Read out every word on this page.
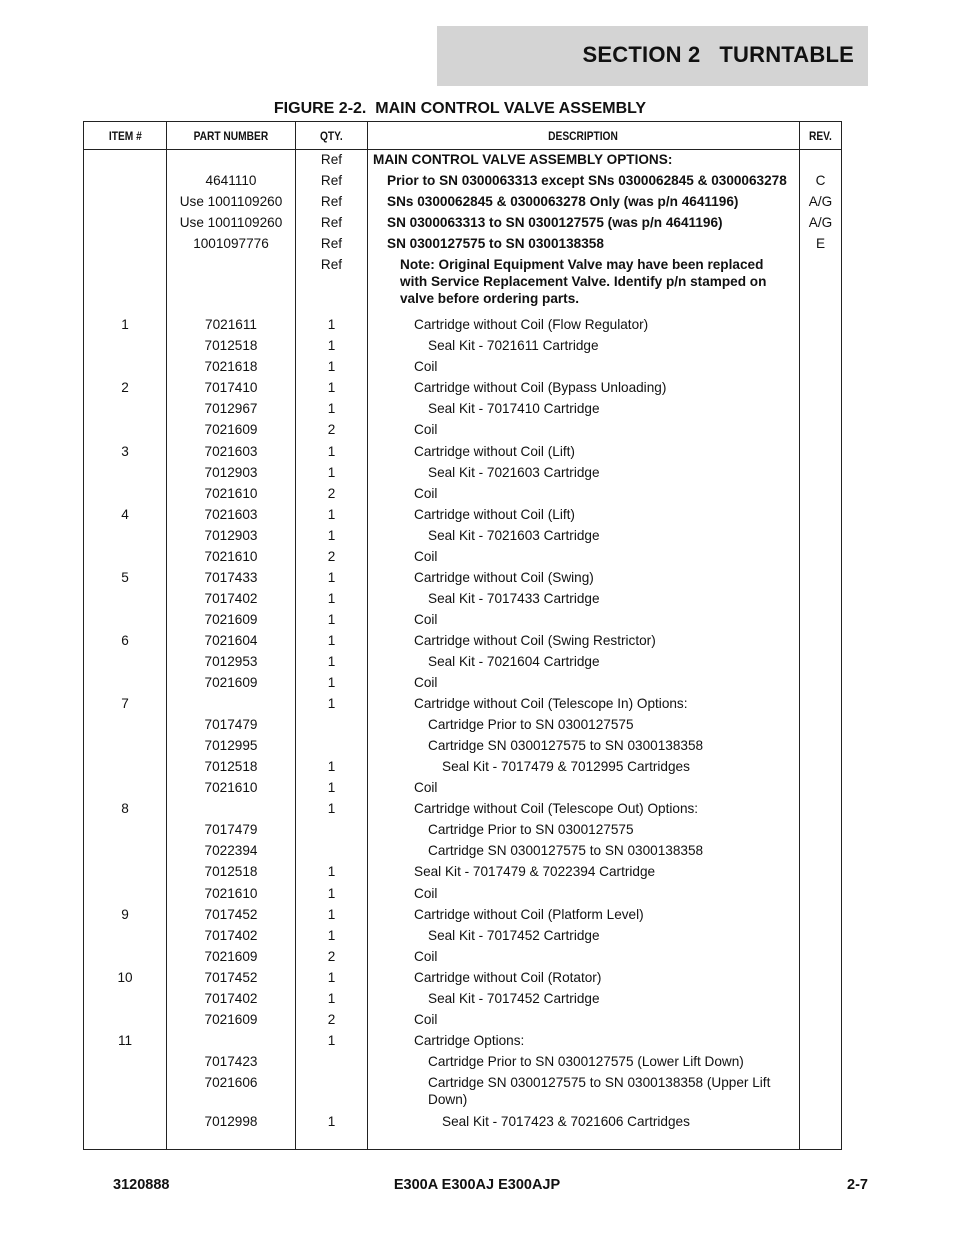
SECTION 2   TURNTABLE
FIGURE 2-2.  MAIN CONTROL VALVE ASSEMBLY
ITEM #	PART NUMBER	QTY.	DESCRIPTION	REV.

		Ref	MAIN CONTROL VALVE ASSEMBLY OPTIONS:	

	4641110	Ref	Prior to SN 0300063313 except SNs 0300062845 & 0300063278	C

	Use 1001109260	Ref	SNs 0300062845 & 0300063278 Only (was p/n 4641196)	A/G

	Use 1001109260	Ref	SN 0300063313 to SN 0300127575 (was p/n 4641196)	A/G

	1001097776	Ref	SN 0300127575 to SN 0300138358	E

		Ref	Note: Original Equipment Valve may have been replaced with Service Replacement Valve. Identify p/n stamped on valve before ordering parts.	

1	7021611	1	Cartridge without Coil (Flow Regulator)	

	7012518	1	Seal Kit - 7021611 Cartridge	

	7021618	1	Coil	

2	7017410	1	Cartridge without Coil (Bypass Unloading)	

	7012967	1	Seal Kit - 7017410 Cartridge	

	7021609	2	Coil	

3	7021603	1	Cartridge without Coil (Lift)	

	7012903	1	Seal Kit - 7021603 Cartridge	

	7021610	2	Coil	

4	7021603	1	Cartridge without Coil (Lift)	

	7012903	1	Seal Kit - 7021603 Cartridge	

	7021610	2	Coil	

5	7017433	1	Cartridge without Coil (Swing)	

	7017402	1	Seal Kit - 7017433 Cartridge	

	7021609	1	Coil	

6	7021604	1	Cartridge without Coil (Swing Restrictor)	

	7012953	1	Seal Kit - 7021604 Cartridge	

	7021609	1	Coil	

7		1	Cartridge without Coil (Telescope In) Options:	

	7017479		Cartridge Prior to SN 0300127575	

	7012995		Cartridge SN 0300127575 to SN 0300138358	

	7012518	1	Seal Kit - 7017479 & 7012995 Cartridges	

	7021610	1	Coil	

8		1	Cartridge without Coil (Telescope Out) Options:	

	7017479		Cartridge Prior to SN 0300127575	

	7022394		Cartridge SN 0300127575 to SN 0300138358	

	7012518	1	Seal Kit - 7017479 & 7022394 Cartridge	

	7021610	1	Coil	

9	7017452	1	Cartridge without Coil (Platform Level)	

	7017402	1	Seal Kit - 7017452 Cartridge	

	7021609	2	Coil	

10	7017452	1	Cartridge without Coil (Rotator)	

	7017402	1	Seal Kit - 7017452 Cartridge	

	7021609	2	Coil	

11		1	Cartridge Options:	

	7017423		Cartridge Prior to SN 0300127575 (Lower Lift Down)	

	7021606		Cartridge SN 0300127575 to SN 0300138358 (Upper Lift Down)	

	7012998	1	Seal Kit - 7017423 & 7021606 Cartridges	

3120888	E300A E300AJ E300AJP	2-7
